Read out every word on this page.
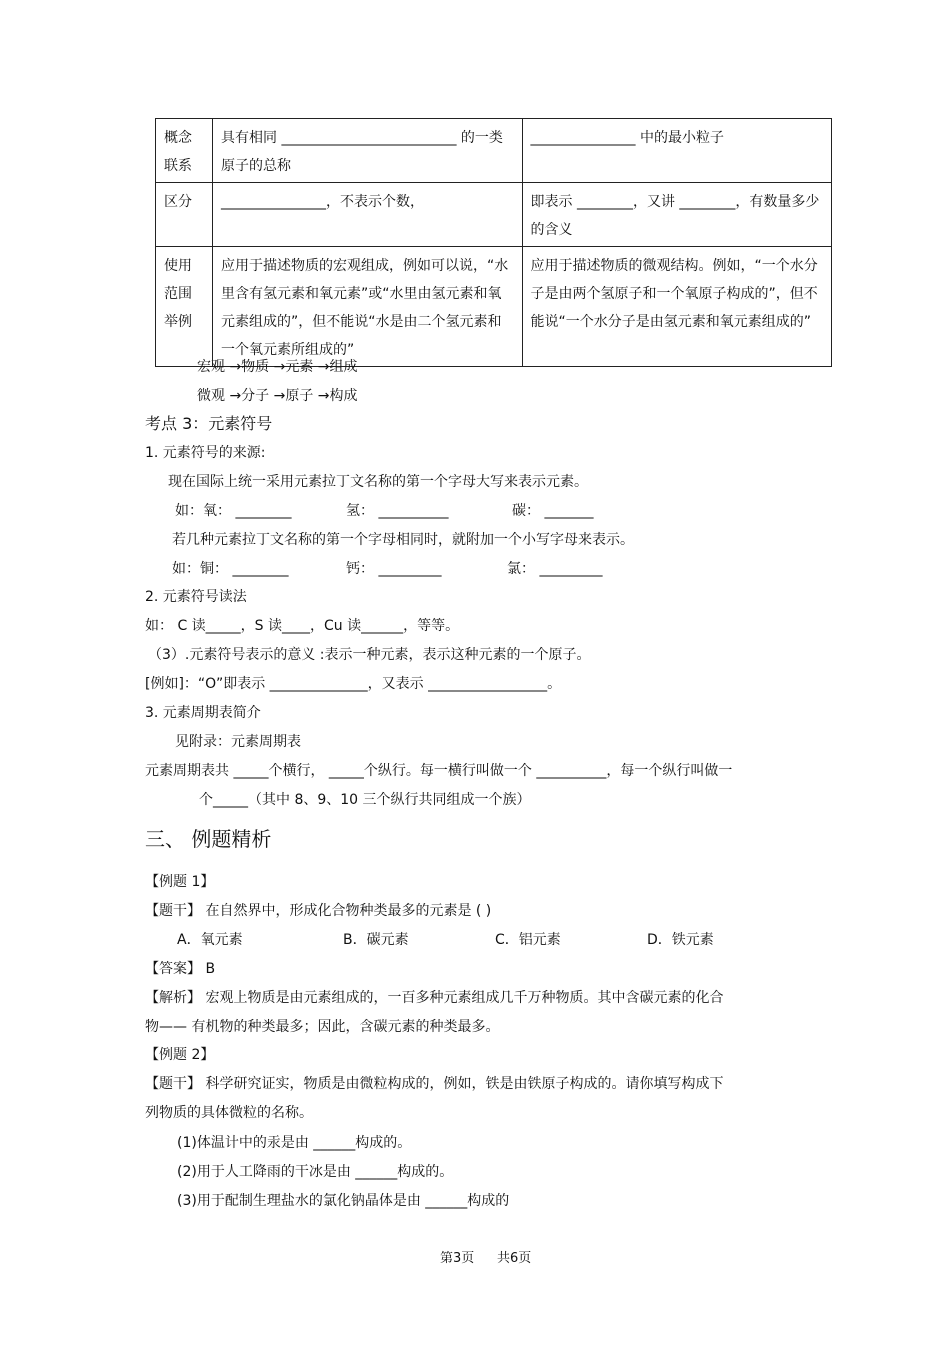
概念联系	具有相同 _________________________ 的一类原子的总称	_______________ 中的最小粒子
区分	_______________，不表示个数，	即表示 ________，又讲 ________，有数量多少的含义
使用范围举例	应用于描述物质的宏观组成，例如可以说，“水里含有氢元素和氧元素”或“水里由氢元素和氧元素组成的”，但不能说“水是由二个氢元素和一个氧元素所组成的”	应用于描述物质的微观结构。例如，“一个水分子是由两个氢原子和一个氧原子构成的”，但不能说“一个水分子是由氢元素和氧元素组成的”
宏观 →物质 →元素 →组成
微观 →分子 →原子 →构成
考点 3：元素符号
1. 元素符号的来源:
现在国际上统一采用元素拉丁文名称的第一个字母大写来表示元素。
如：氧： ________	氢： __________	碳： _______
若几种元素拉丁文名称的第一个字母相同时，就附加一个小写字母来表示。
如：铜： ________	钙： _________	氯： _________
2. 元素符号读法
如： C 读_____，S 读____，Cu 读______，等等。
（3）.元素符号表示的意义 :表示一种元素，表示这种元素的一个原子。
[例如]：“O”即表示 ______________，又表示 _________________。
3. 元素周期表简介
见附录：元素周期表
元素周期表共 _____个横行， _____个纵行。每一横行叫做一个 __________，每一个纵行叫做一
个_____（其中 8、9、10 三个纵行共同组成一个族）
三、 例题精析
【例题 1】
【题干】 在自然界中，形成化合物种类最多的元素是 ( )
A．氧元素	B．碳元素	C．铝元素	D．铁元素
【答案】 B
【解析】 宏观上物质是由元素组成的，一百多种元素组成几千万种物质。其中含碳元素的化合
物—— 有机物的种类最多；因此，含碳元素的种类最多。
【例题 2】
【题干】 科学研究证实，物质是由微粒构成的，例如，铁是由铁原子构成的。请你填写构成下
列物质的具体微粒的名称。
(1)体温计中的汞是由 ______构成的。
(2)用于人工降雨的干冰是由 ______构成的。
(3)用于配制生理盐水的氯化钠晶体是由 ______构成的
第3页 共6页
